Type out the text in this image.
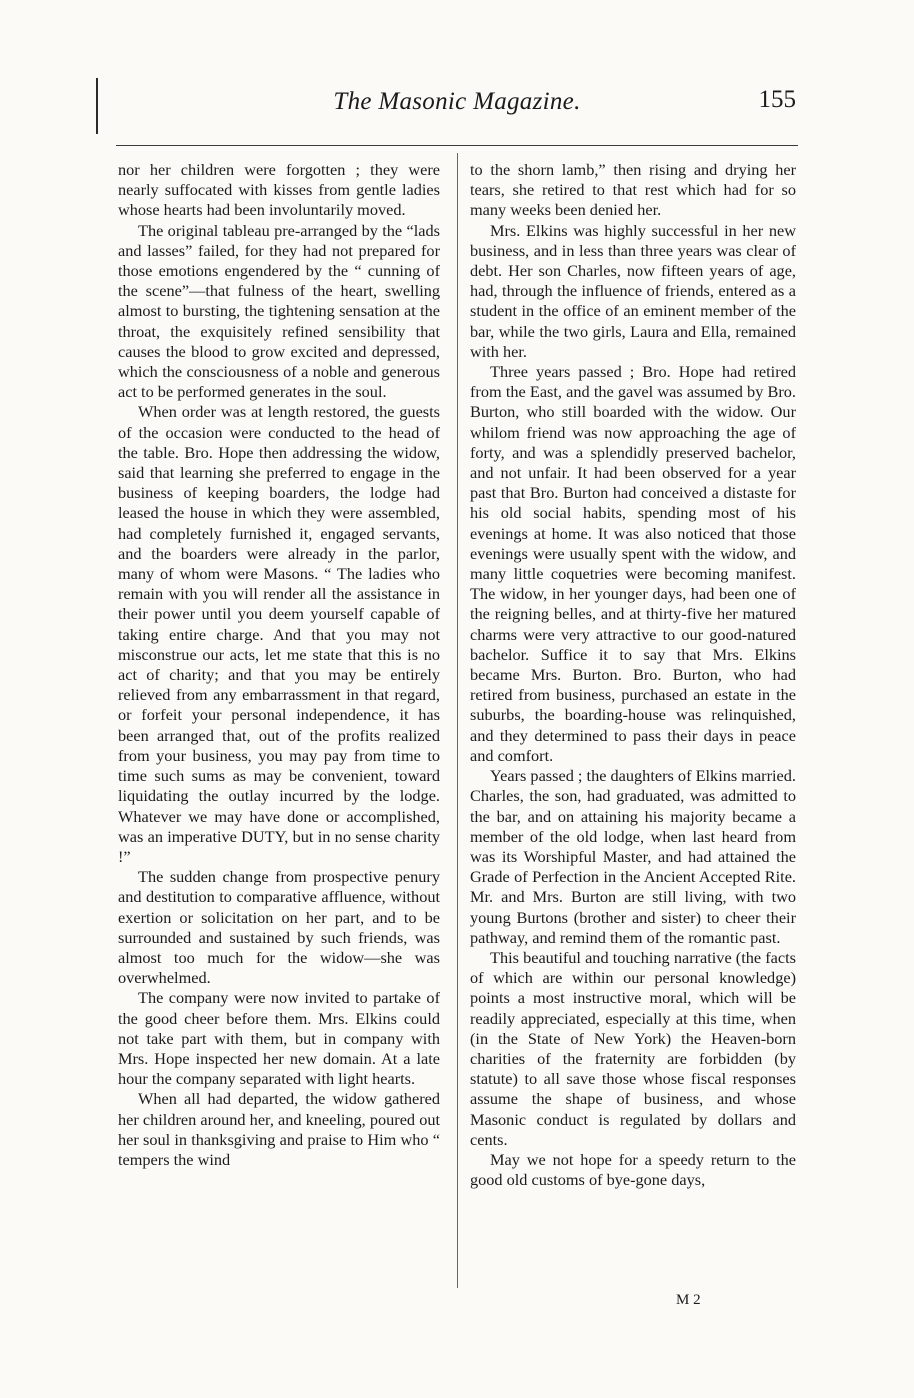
The Masonic Magazine.	155

nor her children were forgotten ; they were nearly suffocated with kisses from gentle ladies whose hearts had been involuntarily moved.

The original tableau pre-arranged by the “lads and lasses” failed, for they had not prepared for those emotions engendered by the “ cunning of the scene”—that fulness of the heart, swelling almost to bursting, the tightening sensation at the throat, the exquisitely refined sensibility that causes the blood to grow excited and depressed, which the consciousness of a noble and generous act to be performed generates in the soul.

When order was at length restored, the guests of the occasion were conducted to the head of the table. Bro. Hope then addressing the widow, said that learning she preferred to engage in the business of keeping boarders, the lodge had leased the house in which they were assembled, had completely furnished it, engaged servants, and the boarders were already in the parlor, many of whom were Masons. “ The ladies who remain with you will render all the assistance in their power until you deem yourself capable of taking entire charge. And that you may not misconstrue our acts, let me state that this is no act of charity; and that you may be entirely relieved from any embarrassment in that regard, or forfeit your personal independence, it has been arranged that, out of the profits realized from your business, you may pay from time to time such sums as may be convenient, toward liquidating the outlay incurred by the lodge. Whatever we may have done or accomplished, was an imperative DUTY, but in no sense charity !”

The sudden change from prospective penury and destitution to comparative affluence, without exertion or solicitation on her part, and to be surrounded and sustained by such friends, was almost too much for the widow—she was overwhelmed.

The company were now invited to partake of the good cheer before them. Mrs. Elkins could not take part with them, but in company with Mrs. Hope inspected her new domain. At a late hour the company separated with light hearts.

When all had departed, the widow gathered her children around her, and kneeling, poured out her soul in thanksgiving and praise to Him who “ tempers the wind

to the shorn lamb,” then rising and drying her tears, she retired to that rest which had for so many weeks been denied her.

Mrs. Elkins was highly successful in her new business, and in less than three years was clear of debt. Her son Charles, now fifteen years of age, had, through the influence of friends, entered as a student in the office of an eminent member of the bar, while the two girls, Laura and Ella, remained with her.

Three years passed ; Bro. Hope had retired from the East, and the gavel was assumed by Bro. Burton, who still boarded with the widow. Our whilom friend was now approaching the age of forty, and was a splendidly preserved bachelor, and not unfair. It had been observed for a year past that Bro. Burton had conceived a distaste for his old social habits, spending most of his evenings at home. It was also noticed that those evenings were usually spent with the widow, and many little coquetries were becoming manifest. The widow, in her younger days, had been one of the reigning belles, and at thirty-five her matured charms were very attractive to our good-natured bachelor. Suffice it to say that Mrs. Elkins became Mrs. Burton. Bro. Burton, who had retired from business, purchased an estate in the suburbs, the boarding-house was relinquished, and they determined to pass their days in peace and comfort.

Years passed ; the daughters of Elkins married. Charles, the son, had graduated, was admitted to the bar, and on attaining his majority became a member of the old lodge, when last heard from was its Worshipful Master, and had attained the Grade of Perfection in the Ancient Accepted Rite. Mr. and Mrs. Burton are still living, with two young Burtons (brother and sister) to cheer their pathway, and remind them of the romantic past.

This beautiful and touching narrative (the facts of which are within our personal knowledge) points a most instructive moral, which will be readily appreciated, especially at this time, when (in the State of New York) the Heaven-born charities of the fraternity are forbidden (by statute) to all save those whose fiscal responses assume the shape of business, and whose Masonic conduct is regulated by dollars and cents.

May we not hope for a speedy return to the good old customs of bye-gone days,

M 2
